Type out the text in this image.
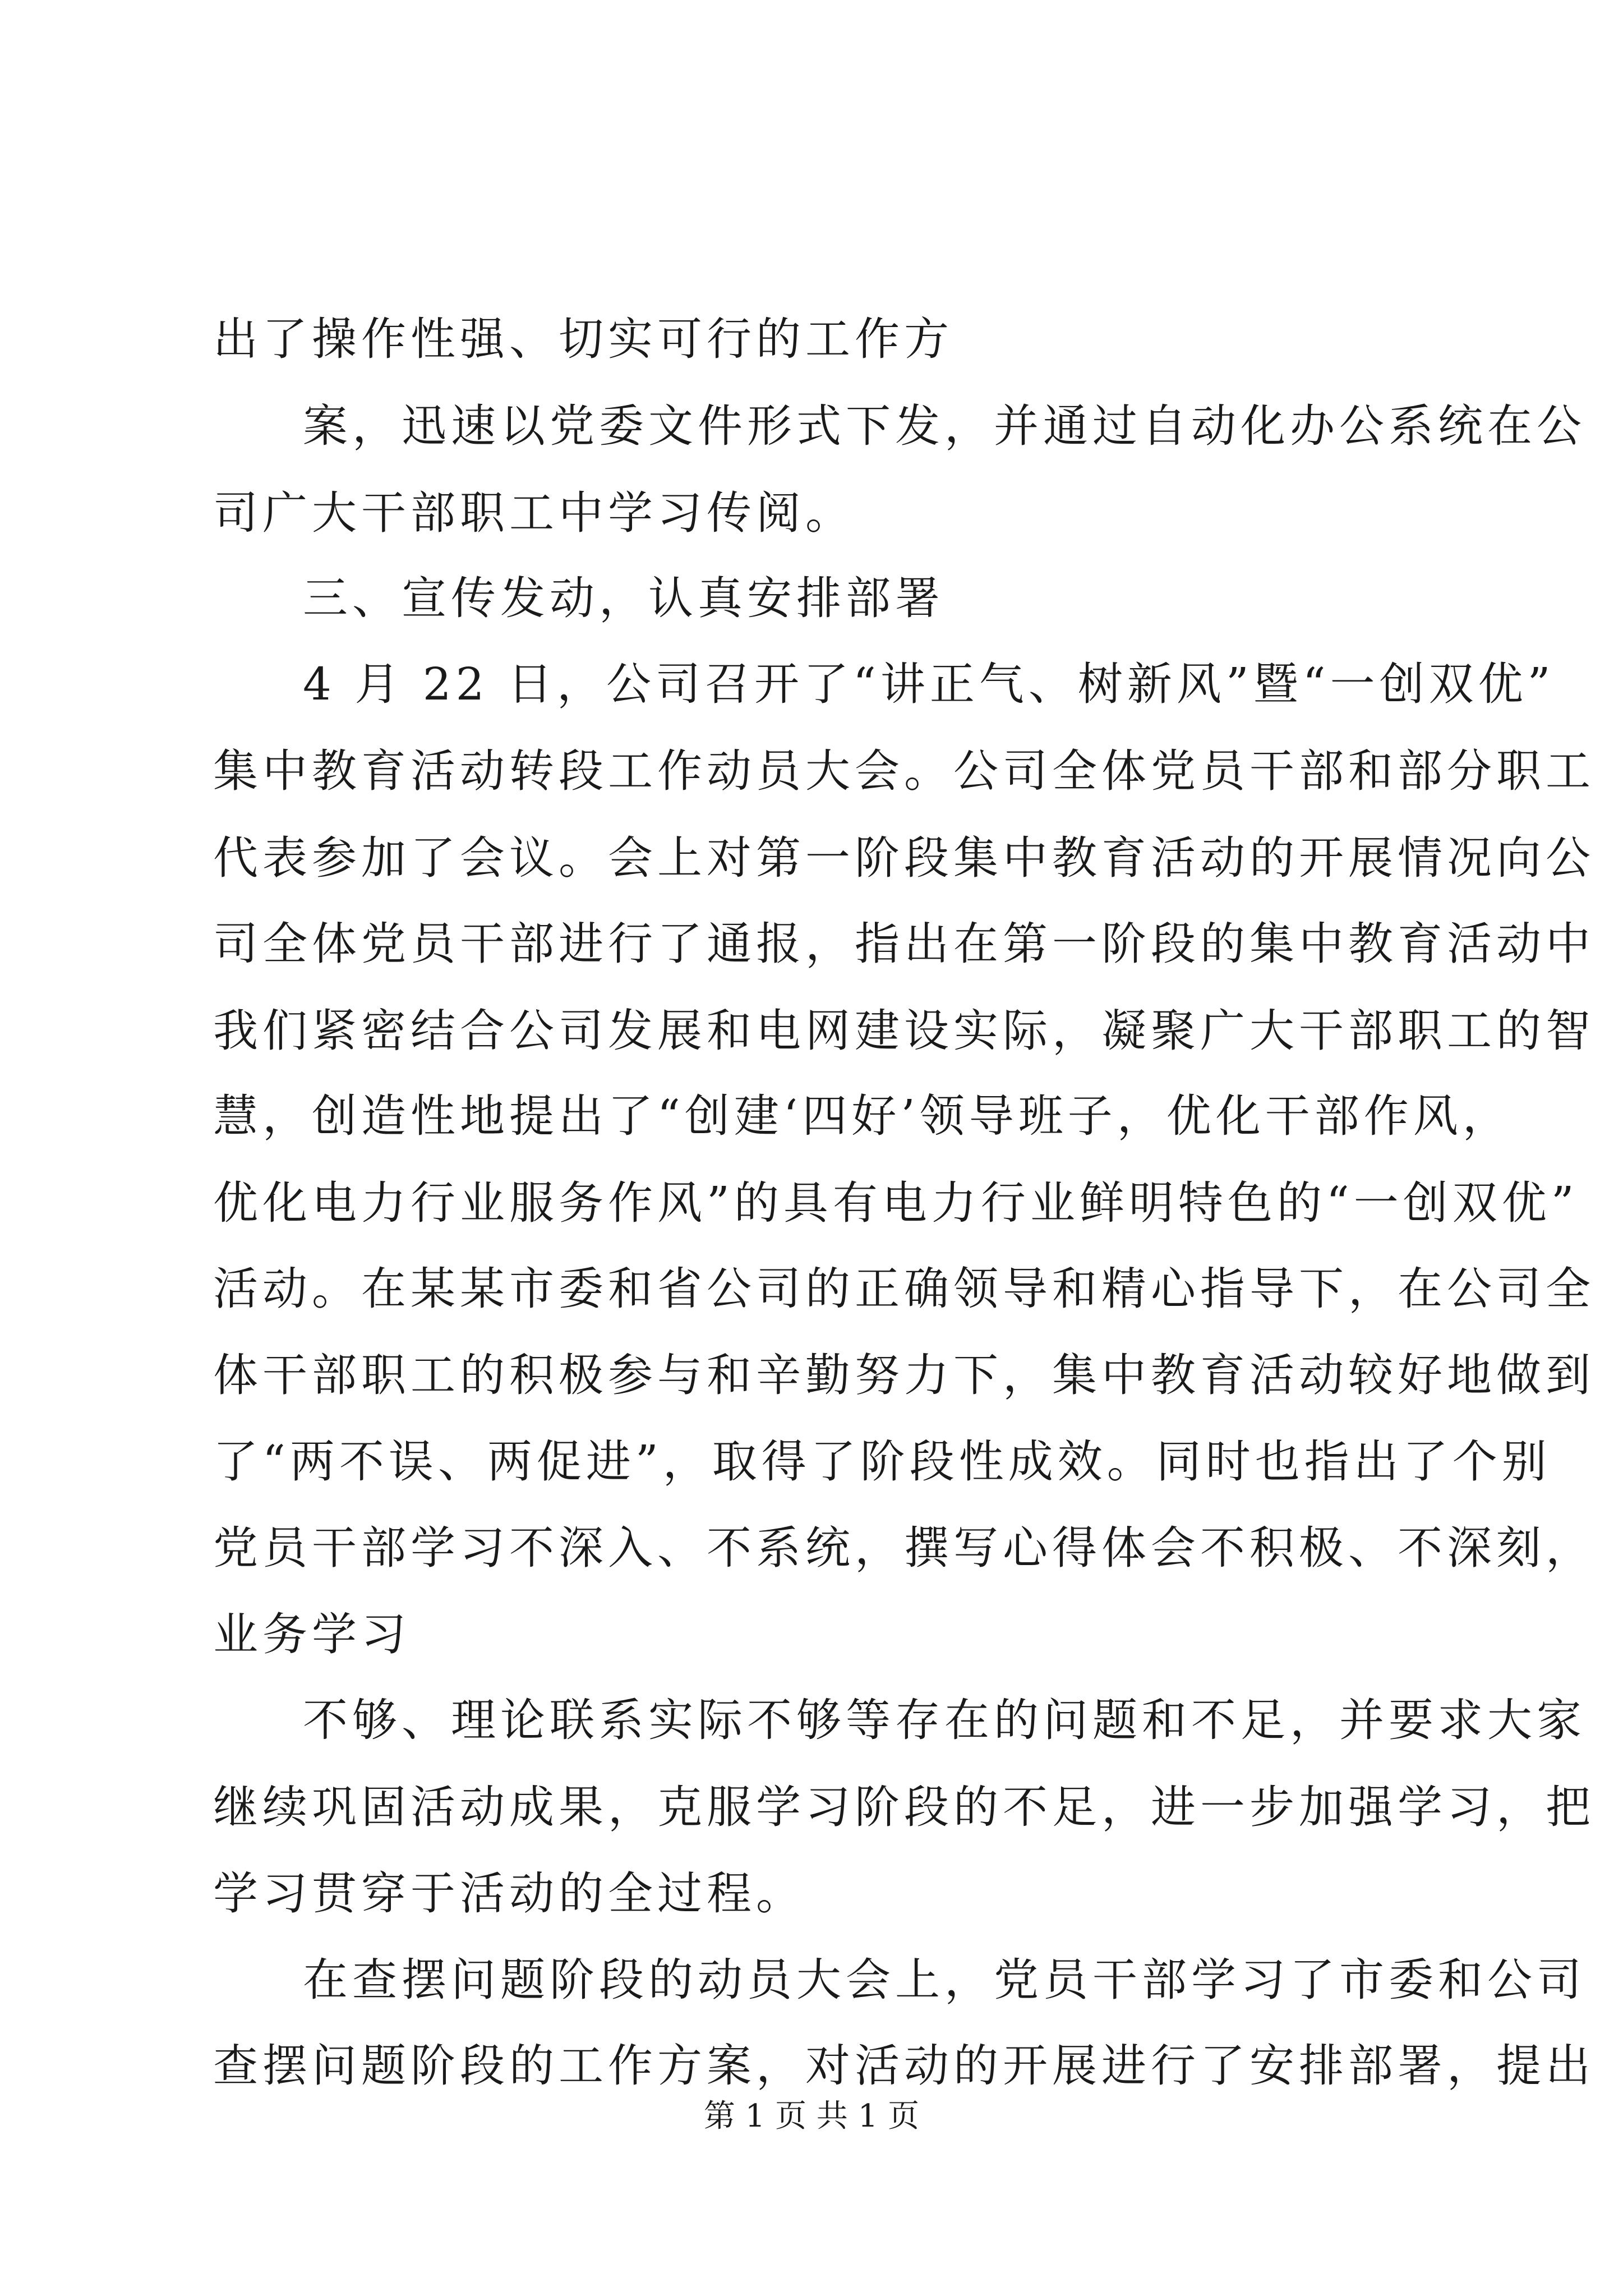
出了操作性强、切实可行的工作方
案，迅速以党委文件形式下发，并通过自动化办公系统在公
司广大干部职工中学习传阅。
三、宣传发动，认真安排部署
4 月 22 日，公司召开了“讲正气、树新风”暨“一创双优”
集中教育活动转段工作动员大会。公司全体党员干部和部分职工
代表参加了会议。会上对第一阶段集中教育活动的开展情况向公
司全体党员干部进行了通报，指出在第一阶段的集中教育活动中
我们紧密结合公司发展和电网建设实际，凝聚广大干部职工的智
慧，创造性地提出了“创建‘四好’领导班子，优化干部作风，
优化电力行业服务作风”的具有电力行业鲜明特色的“一创双优”
活动。在某某市委和省公司的正确领导和精心指导下，在公司全
体干部职工的积极参与和辛勤努力下，集中教育活动较好地做到
了“两不误、两促进”，取得了阶段性成效。同时也指出了个别
党员干部学习不深入、不系统，撰写心得体会不积极、不深刻，
业务学习
不够、理论联系实际不够等存在的问题和不足，并要求大家
继续巩固活动成果，克服学习阶段的不足，进一步加强学习，把
学习贯穿于活动的全过程。
在查摆问题阶段的动员大会上，党员干部学习了市委和公司
查摆问题阶段的工作方案，对活动的开展进行了安排部署，提出
第 1 页 共 1 页
